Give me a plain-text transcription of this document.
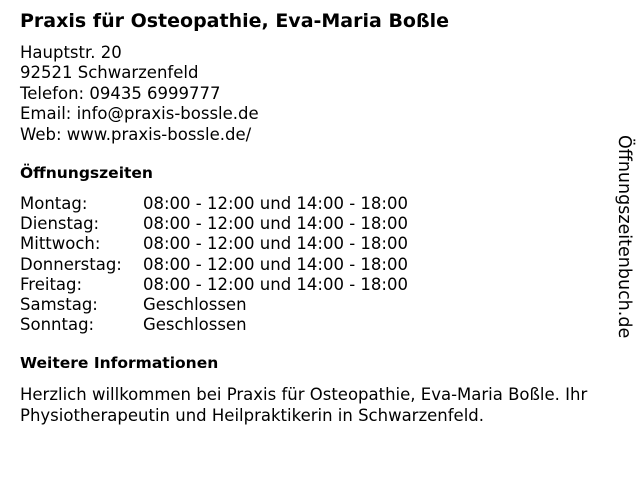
Praxis für Osteopathie, Eva-Maria Boßle
Hauptstr. 20
92521 Schwarzenfeld
Telefon: 09435 6999777
Email: info@praxis-bossle.de
Web: www.praxis-bossle.de/
Öffnungszeiten
Montag:	08:00 - 12:00 und 14:00 - 18:00
Dienstag:	08:00 - 12:00 und 14:00 - 18:00
Mittwoch:	08:00 - 12:00 und 14:00 - 18:00
Donnerstag: 08:00 - 12:00 und 14:00 - 18:00
Freitag:	08:00 - 12:00 und 14:00 - 18:00
Samstag:	Geschlossen
Sonntag:	Geschlossen
Weitere Informationen
Herzlich willkommen bei Praxis für Osteopathie, Eva-Maria Boßle. Ihr Physiotherapeutin und Heilpraktikerin in Schwarzenfeld.
Öffnungszeitenbuch.de
